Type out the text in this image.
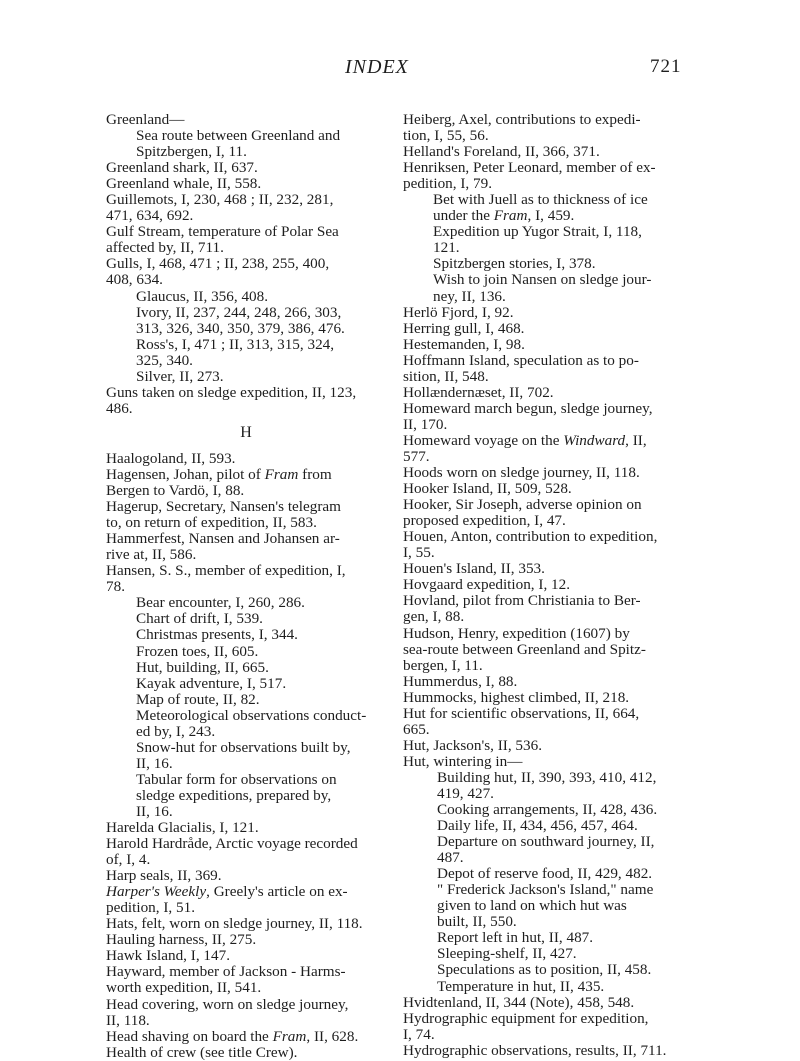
INDEX	721
Greenland—
Sea route between Greenland and
Spitzbergen, I, 11.
Greenland shark, II, 637.
Greenland whale, II, 558.
Guillemots, I, 230, 468 ; II, 232, 281,
471, 634, 692.
Gulf Stream, temperature of Polar Sea
affected by, II, 711.
Gulls, I, 468, 471 ; II, 238, 255, 400,
408, 634.
Glaucus, II, 356, 408.
Ivory, II, 237, 244, 248, 266, 303,
313, 326, 340, 350, 379, 386, 476.
Ross's, I, 471 ; II, 313, 315, 324,
325, 340.
Silver, II, 273.
Guns taken on sledge expedition, II, 123,
486.
H
Haalogoland, II, 593.
Hagensen, Johan, pilot of Fram from
Bergen to Vardö, I, 88.
Hagerup, Secretary, Nansen's telegram
to, on return of expedition, II, 583.
Hammerfest, Nansen and Johansen ar-
rive at, II, 586.
Hansen, S. S., member of expedition, I,
78.
Bear encounter, I, 260, 286.
Chart of drift, I, 539.
Christmas presents, I, 344.
Frozen toes, II, 605.
Hut, building, II, 665.
Kayak adventure, I, 517.
Map of route, II, 82.
Meteorological observations conduct-
ed by, I, 243.
Snow-hut for observations built by,
II, 16.
Tabular form for observations on
sledge expeditions, prepared by,
II, 16.
Harelda Glacialis, I, 121.
Harold Hardråde, Arctic voyage recorded
of, I, 4.
Harp seals, II, 369.
Harper's Weekly, Greely's article on ex-
pedition, I, 51.
Hats, felt, worn on sledge journey, II, 118.
Hauling harness, II, 275.
Hawk Island, I, 147.
Hayward, member of Jackson - Harms-
worth expedition, II, 541.
Head covering, worn on sledge journey,
II, 118.
Head shaving on board the Fram, II, 628.
Health of crew (see title Crew).
Heiberg, Axel, contributions to expedi-
tion, I, 55, 56.
Helland's Foreland, II, 366, 371.
Henriksen, Peter Leonard, member of ex-
pedition, I, 79.
Bet with Juell as to thickness of ice
under the Fram, I, 459.
Expedition up Yugor Strait, I, 118,
121.
Spitzbergen stories, I, 378.
Wish to join Nansen on sledge jour-
ney, II, 136.
Herlö Fjord, I, 92.
Herring gull, I, 468.
Hestemanden, I, 98.
Hoffmann Island, speculation as to po-
sition, II, 548.
Hollændernæset, II, 702.
Homeward march begun, sledge journey,
II, 170.
Homeward voyage on the Windward, II,
577.
Hoods worn on sledge journey, II, 118.
Hooker Island, II, 509, 528.
Hooker, Sir Joseph, adverse opinion on
proposed expedition, I, 47.
Houen, Anton, contribution to expedition,
I, 55.
Houen's Island, II, 353.
Hovgaard expedition, I, 12.
Hovland, pilot from Christiania to Ber-
gen, I, 88.
Hudson, Henry, expedition (1607) by
sea-route between Greenland and Spitz-
bergen, I, 11.
Hummerdus, I, 88.
Hummocks, highest climbed, II, 218.
Hut for scientific observations, II, 664,
665.
Hut, Jackson's, II, 536.
Hut, wintering in—
Building hut, II, 390, 393, 410, 412,
419, 427.
Cooking arrangements, II, 428, 436.
Daily life, II, 434, 456, 457, 464.
Departure on southward journey, II,
487.
Depot of reserve food, II, 429, 482.
" Frederick Jackson's Island," name
given to land on which hut was
built, II, 550.
Report left in hut, II, 487.
Sleeping-shelf, II, 427.
Speculations as to position, II, 458.
Temperature in hut, II, 435.
Hvidtenland, II, 344 (Note), 458, 548.
Hydrographic equipment for expedition,
I, 74.
Hydrographic observations, results, II, 711.
